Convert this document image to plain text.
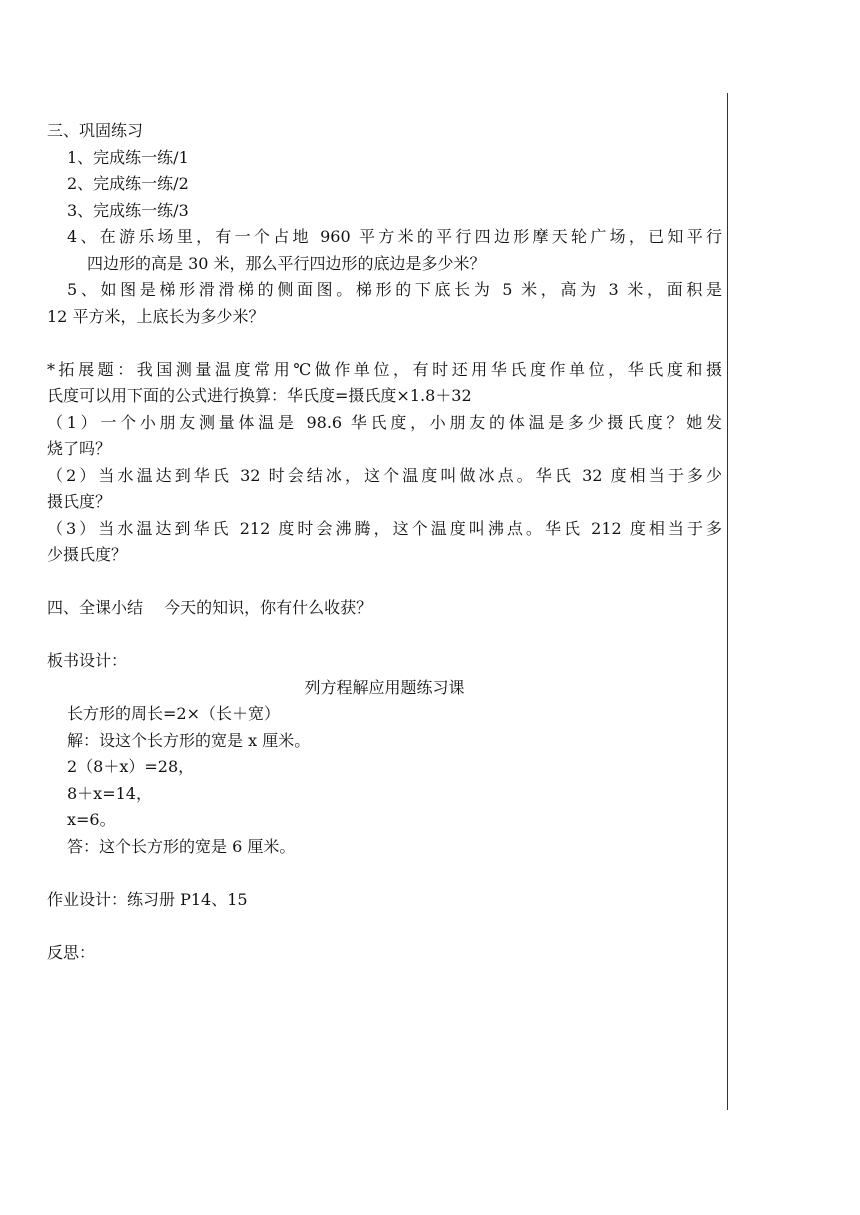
三、巩固练习
1、完成练一练/1
2、完成练一练/2
3、完成练一练/3
4、在游乐场里，有一个占地 960 平方米的平行四边形摩天轮广场，已知平行
四边形的高是 30 米，那么平行四边形的底边是多少米？
5、如图是梯形滑滑梯的侧面图。梯形的下底长为 5 米，高为 3 米，面积是
12 平方米，上底长为多少米？
*拓展题：我国测量温度常用℃做作单位，有时还用华氏度作单位，华氏度和摄
氏度可以用下面的公式进行换算：华氏度=摄氏度×1.8＋32
（1）一个小朋友测量体温是 98.6 华氏度，小朋友的体温是多少摄氏度？她发
烧了吗？
（2）当水温达到华氏 32 时会结冰，这个温度叫做冰点。华氏 32 度相当于多少
摄氏度？
（3）当水温达到华氏 212 度时会沸腾，这个温度叫沸点。华氏 212 度相当于多
少摄氏度？
四、全课小结　 今天的知识，你有什么收获？
板书设计：
列方程解应用题练习课
长方形的周长=2×（长＋宽）
解：设这个长方形的宽是 x 厘米。
2（8＋x）=28，
8＋x=14，
x=6。
答：这个长方形的宽是 6 厘米。
作业设计：练习册 P14、15
反思：
